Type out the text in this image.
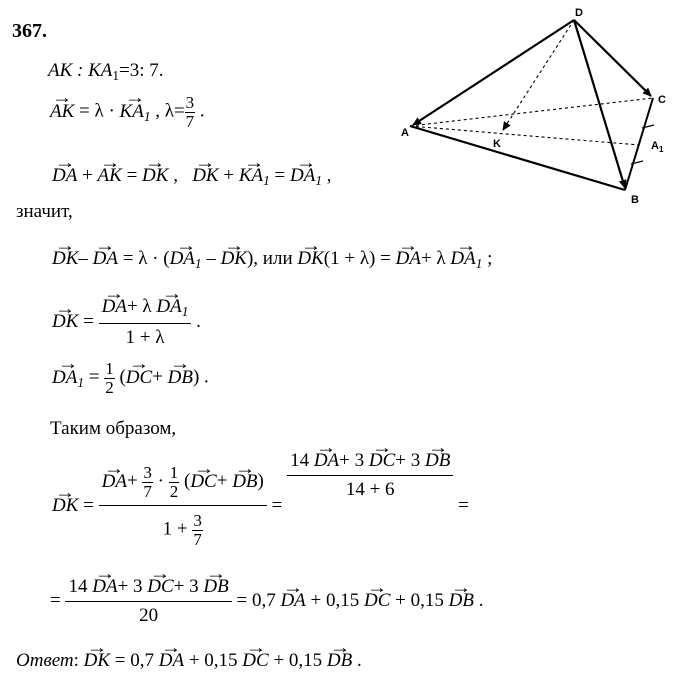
367.
AK : $KA_1=3$: 7.
→ AK = λ · → $KA_1$ , $\lambda= \frac{3}{7}$ .
→ DA + → AK = → DK ,   → DK + → $KA_1$ = → $DA_1$ ,
значит,
→ DK– → DA = λ · (→ $DA_1$ – → DK), или → DK(1 + λ) = → $DA+ \lambda \to DA_1$ ;
→ DK = → $\frac{DA+ \lambda \to DA_1}{1 + \lambda}$ .
→ $DA_1 = \frac{1}{2}$ (→ DC+ → DB) .
Таким образом,
→ DK = → $\frac{DA+ \frac{3}{7} \cdot \frac{1}{2} (\to DC+ \to DB)}{1 + \frac{3}{7}}$ =
$\frac{14 \to DA+ 3 \to DC+ 3 \to DB}{14 + 6}$
=
= $\frac{14 \to DA+ 3 \to DC+ 3 \to DB}{20} = 0,7$ → DA + 0,15 → DC + 0,15 → DB .
Ответ: → DK = 0,7 → DA + 0,15 → DC + 0,15 → DB .
D
C
A
K	$A_1$
B
